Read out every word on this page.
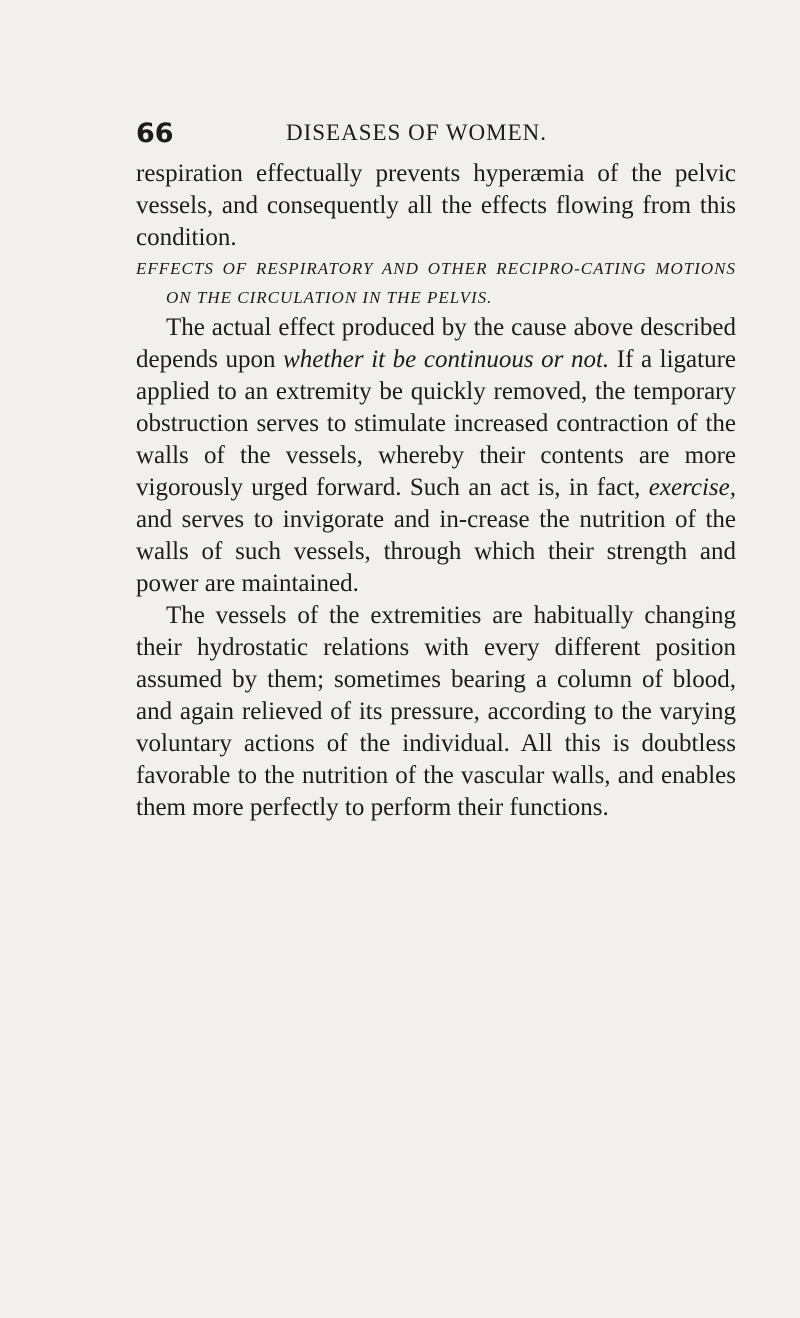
66	DISEASES OF WOMEN.

respiration effectually prevents hyperæmia of the pelvic vessels, and consequently all the effects flowing from this condition.

EFFECTS OF RESPIRATORY AND OTHER RECIPRO-CATING MOTIONS ON THE CIRCULATION IN THE PELVIS.

The actual effect produced by the cause above described depends upon whether it be continuous or not. If a ligature applied to an extremity be quickly removed, the temporary obstruction serves to stimulate increased contraction of the walls of the vessels, whereby their contents are more vigorously urged forward. Such an act is, in fact, exercise, and serves to invigorate and in-crease the nutrition of the walls of such vessels, through which their strength and power are maintained.

The vessels of the extremities are habitually changing their hydrostatic relations with every different position assumed by them; sometimes bearing a column of blood, and again relieved of its pressure, according to the varying voluntary actions of the individual. All this is doubtless favorable to the nutrition of the vascular walls, and enables them more perfectly to perform their functions.
